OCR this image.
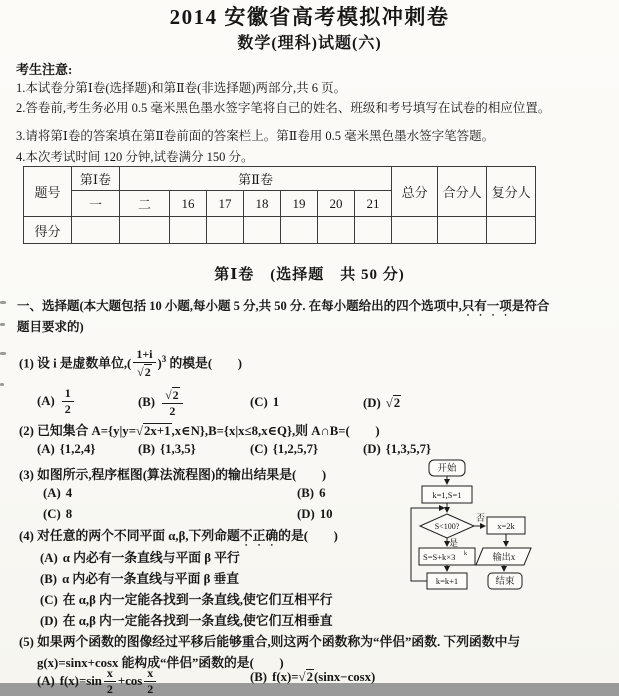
2014 安徽省高考模拟冲刺卷
数学(理科)试题(六)
考生注意:
1.本试卷分第Ⅰ卷(选择题)和第Ⅱ卷(非选择题)两部分,共 6 页。
2.答卷前,考生务必用 0.5 毫米黑色墨水签字笔将自己的姓名、班级和考号填写在试卷的相应位置。
3.请将第Ⅰ卷的答案填在第Ⅱ卷前面的答案栏上。第Ⅱ卷用 0.5 毫米黑色墨水签字笔答题。
4.本次考试时间 120 分钟,试卷满分 150 分。
题号	第Ⅰ卷	第Ⅱ卷							总分	合分人	复分人
	一	二	16	17	18	19	20	21			
得分											
第Ⅰ卷　(选择题　共 50 分)
一、选择题(本大题包括 10 小题,每小题 5 分,共 50 分. 在每小题给出的四个选项中,只有一项是符合
题目要求的)
(1) 设 i 是虚数单位,( 1+i
√ 2 )$^3$ 的模是(　　)
$(A) \frac{1}{2}$	(B) √ $\frac{2}{2}$	(C) 1	(D) √ 2
(2) 已知集合 A={y|y= √ 2x+1,x∈N},B={x|x≤8,x∈Q},则 A∩B=(　　)
(A) {1,2,4}	(B) {1,3,5}	(C) {1,2,5,7}	(D) {1,3,5,7}
(3) 如图所示,程序框图(算法流程图)的输出结果是(　　)
(A) 4	(B) 6
(C) 8	(D) 10
开始
k=1,S=1
S<100?
否
是
x=2k
S=S+k×3 k	输出x
k=k+1	结束
(4) 对任意的两个不同平面 α,β,下列命题不正确的是(　　)
(A) α 内必有一条直线与平面 β 平行
(B) α 内必有一条直线与平面 β 垂直
(C) 在 α,β 内一定能各找到一条直线,使它们互相平行
(D) 在 α,β 内一定能各找到一条直线,使它们互相垂直
(5) 如果两个函数的图像经过平移后能够重合,则这两个函数称为“伴侣”函数. 下列函数中与
g(x)=sinx+cosx 能构成“伴侣”函数的是(　　)
(A) $f(x)=\sin \frac{x}{2} +\cos \frac{x}{2}$	(B) f(x)= √ 2(sinx−cosx)
